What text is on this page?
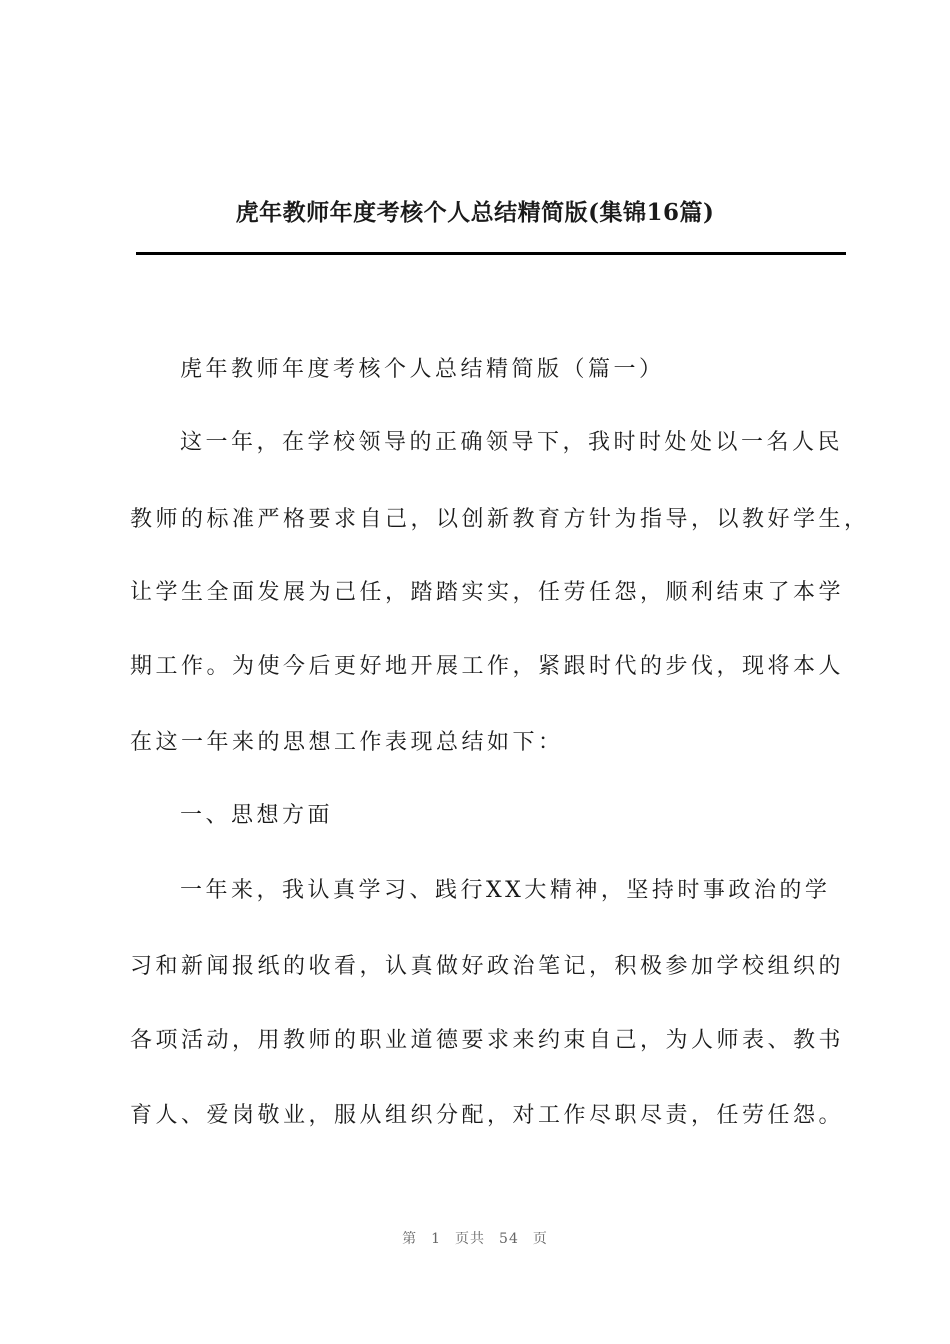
虎年教师年度考核个人总结精简版(集锦16篇)

虎年教师年度考核个人总结精简版（篇一）

这一年，在学校领导的正确领导下，我时时处处以一名人民

教师的标准严格要求自己，以创新教育方针为指导，以教好学生，

让学生全面发展为己任，踏踏实实，任劳任怨，顺利结束了本学

期工作。为使今后更好地开展工作，紧跟时代的步伐，现将本人

在这一年来的思想工作表现总结如下：

一、思想方面

一年来，我认真学习、践行XX大精神，坚持时事政治的学

习和新闻报纸的收看，认真做好政治笔记，积极参加学校组织的

各项活动，用教师的职业道德要求来约束自己，为人师表、教书

育人、爱岗敬业，服从组织分配，对工作尽职尽责，任劳任怨。

第 1 页共 54 页
